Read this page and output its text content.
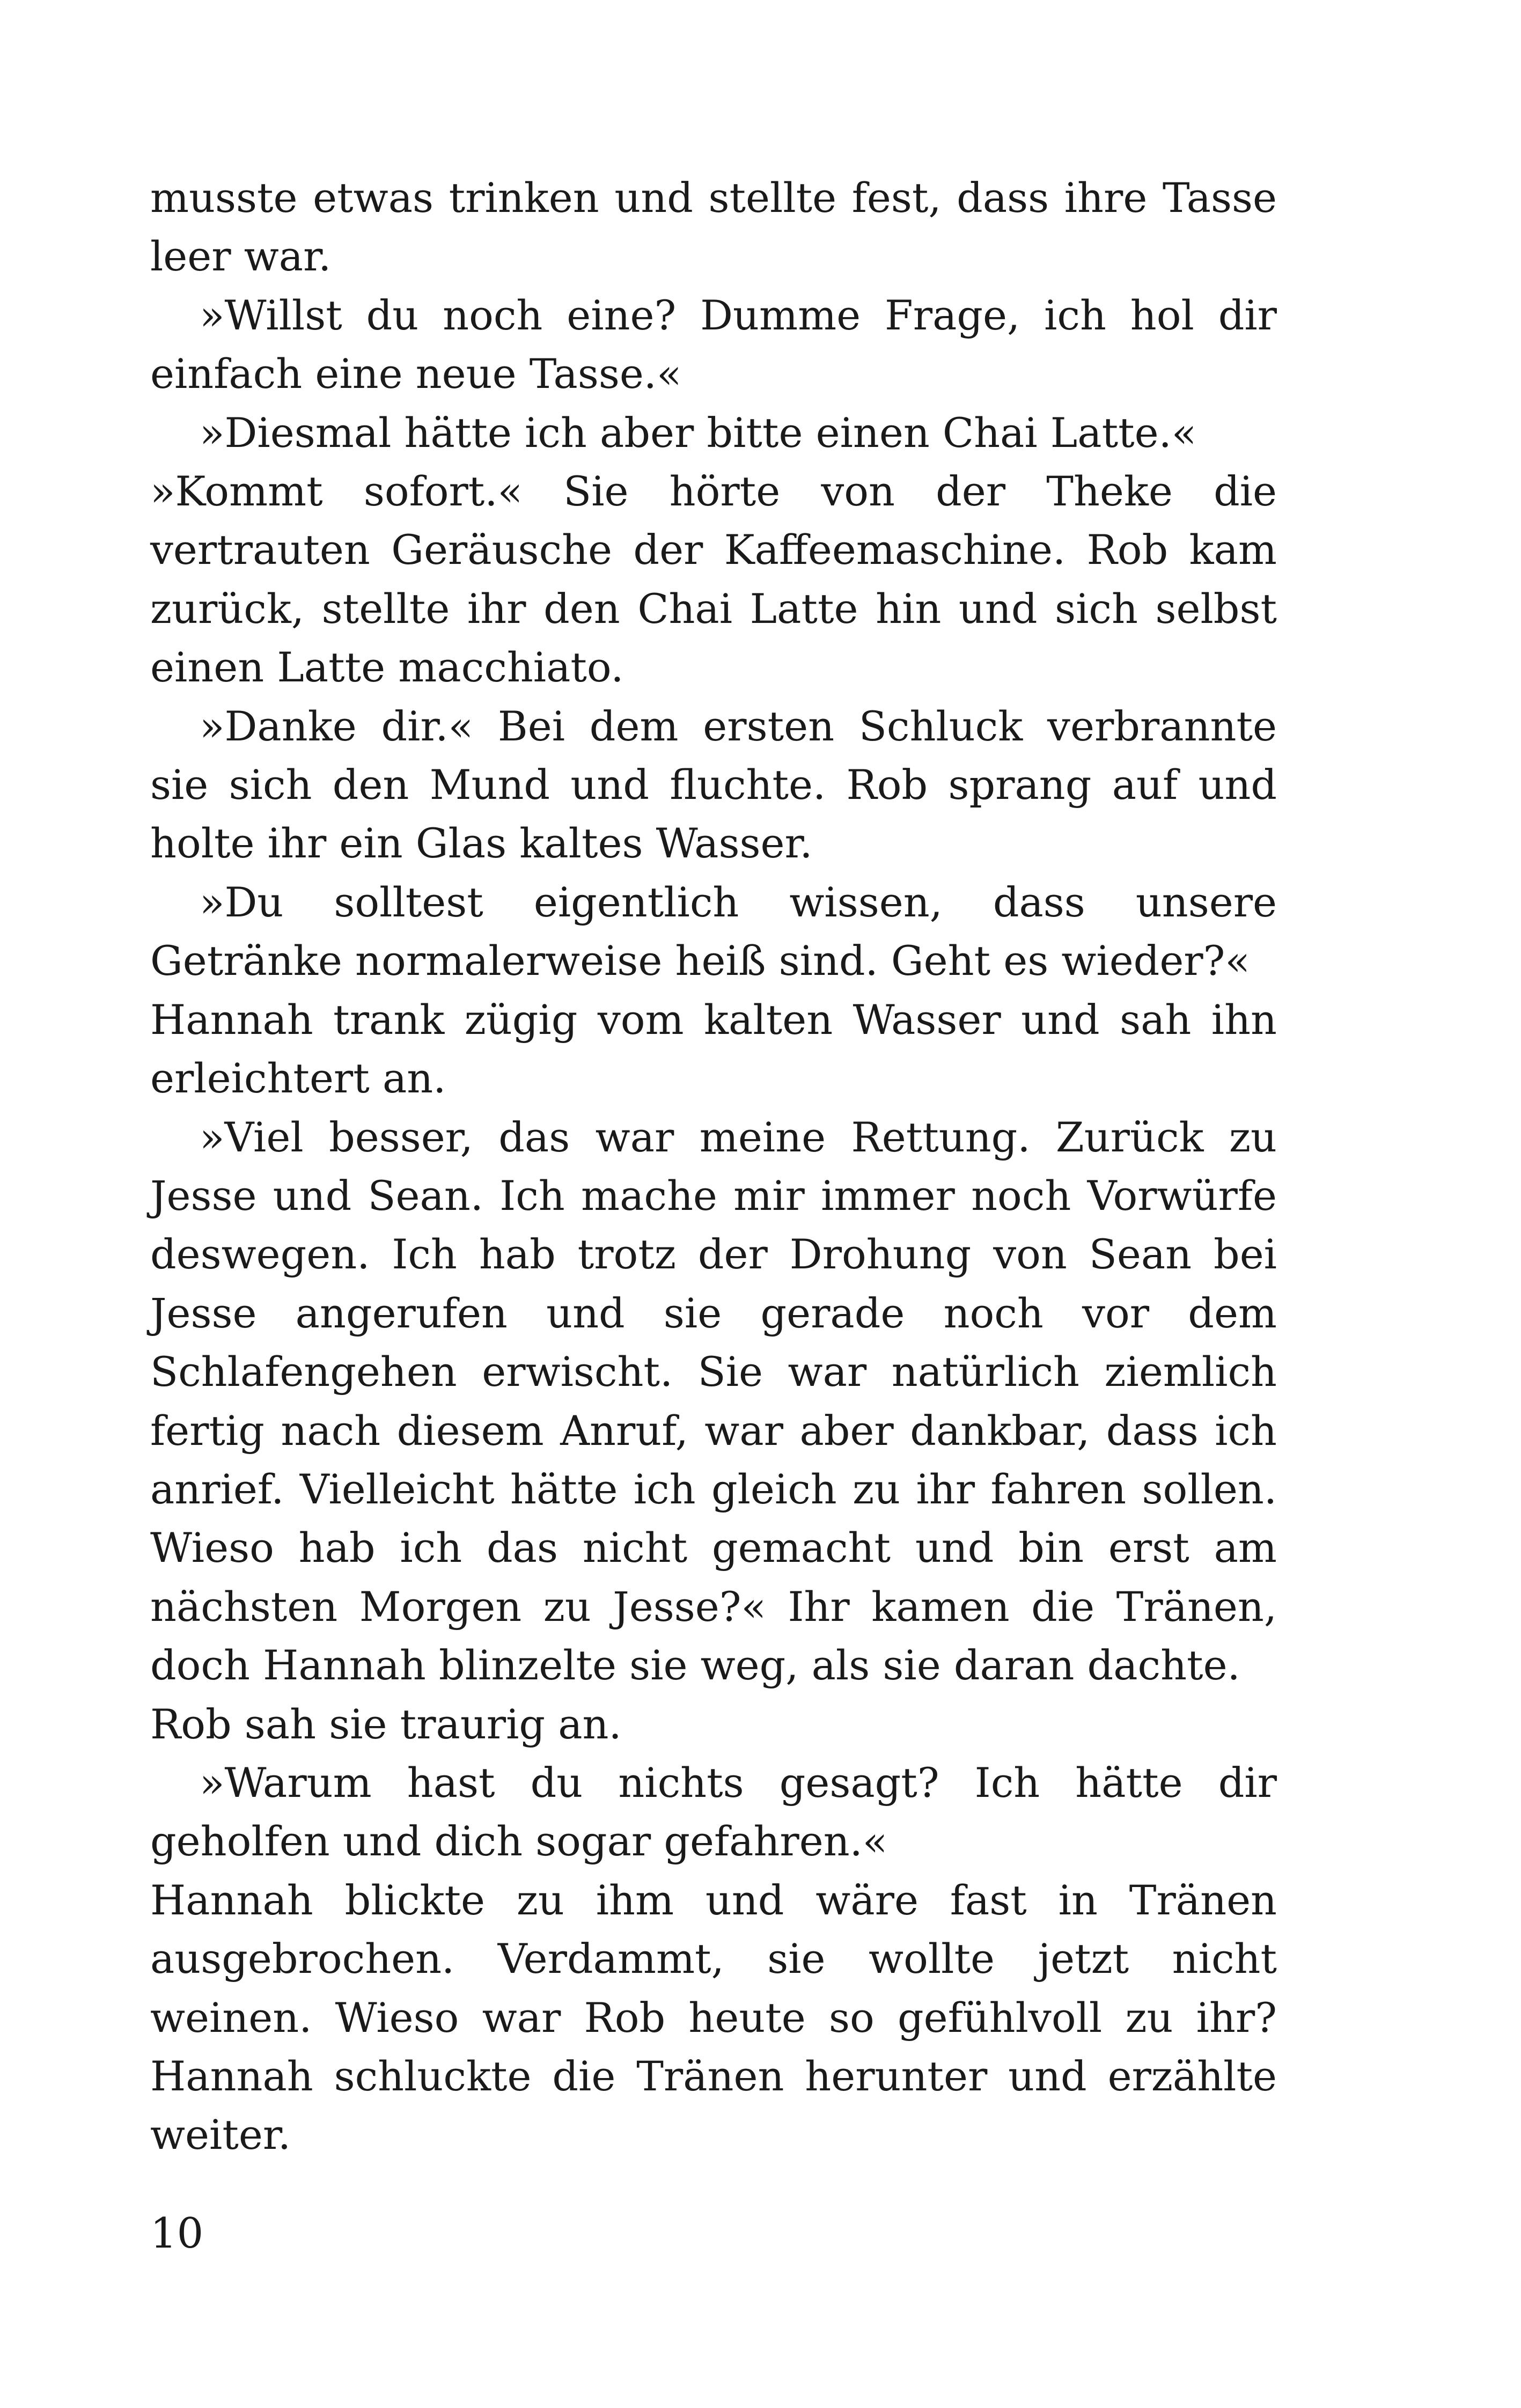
musste etwas trinken und stellte fest, dass ihre Tasse leer war.

»Willst du noch eine? Dumme Frage, ich hol dir einfach eine neue Tasse.«

»Diesmal hätte ich aber bitte einen Chai Latte.«

»Kommt sofort.« Sie hörte von der Theke die vertrauten Geräusche der Kaffeemaschine. Rob kam zurück, stellte ihr den Chai Latte hin und sich selbst einen Latte macchiato.

»Danke dir.« Bei dem ersten Schluck verbrannte sie sich den Mund und fluchte. Rob sprang auf und holte ihr ein Glas kaltes Wasser.

»Du solltest eigentlich wissen, dass unsere Getränke normalerweise heiß sind. Geht es wieder?«

Hannah trank zügig vom kalten Wasser und sah ihn erleichtert an.

»Viel besser, das war meine Rettung. Zurück zu Jesse und Sean. Ich mache mir immer noch Vorwürfe deswegen. Ich hab trotz der Drohung von Sean bei Jesse angerufen und sie gerade noch vor dem Schlafengehen erwischt. Sie war natürlich ziemlich fertig nach diesem Anruf, war aber dankbar, dass ich anrief. Vielleicht hätte ich gleich zu ihr fahren sollen. Wieso hab ich das nicht gemacht und bin erst am nächsten Morgen zu Jesse?« Ihr kamen die Tränen, doch Hannah blinzelte sie weg, als sie daran dachte.

Rob sah sie traurig an.

»Warum hast du nichts gesagt? Ich hätte dir geholfen und dich sogar gefahren.«

Hannah blickte zu ihm und wäre fast in Tränen ausgebrochen. Verdammt, sie wollte jetzt nicht weinen. Wieso war Rob heute so gefühlvoll zu ihr? Hannah schluckte die Tränen herunter und erzählte weiter.

10
